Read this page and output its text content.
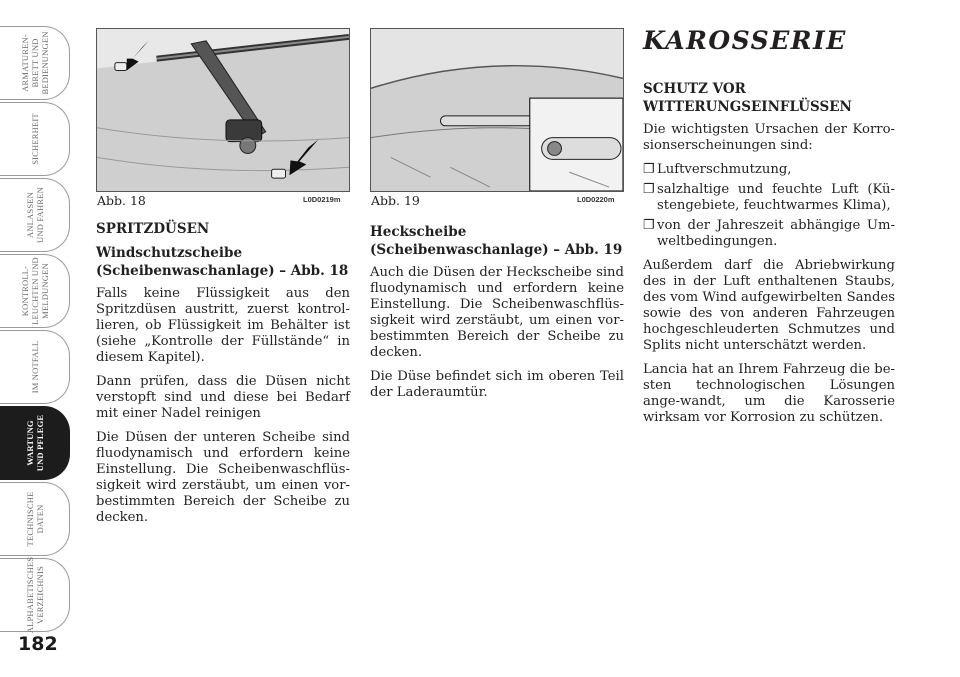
ARMATUREN-
BRETT UND
BEDIENUNGEN
SICHERHEIT
ANLASSEN
UND FAHREN
KONTROLL-
LEUCHTEN UND
MELDUNGEN
IM NOTFALL
WARTUNG
UND PFLEGE
TECHNISCHE
DATEN
ALPHABETISCHES
VERZEICHNIS
182
Abb. 18	L0D0219m Abb. 19	L0D0220m

SPRITZDÜSEN

Windschutzscheibe (Scheibenwaschanlage) – Abb. 18

Falls keine Flüssigkeit aus den Spritzdüsen austritt, zuerst kontrol-lieren, ob Flüssigkeit im Behälter ist (siehe „Kontrolle der Füllstände“ in diesem Kapitel).

Dann prüfen, dass die Düsen nicht verstopft sind und diese bei Bedarf mit einer Nadel reinigen

Die Düsen der unteren Scheibe sind fluodynamisch und erfordern keine Einstellung. Die Scheibenwaschflüs-sigkeit wird zerstäubt, um einen vor-bestimmten Bereich der Scheibe zu decken.

Heckscheibe (Scheibenwaschanlage) – Abb. 19

Auch die Düsen der Heckscheibe sind fluodynamisch und erfordern keine Einstellung. Die Scheibenwaschflüs-sigkeit wird zerstäubt, um einen vor-bestimmten Bereich der Scheibe zu decken.

Die Düse befindet sich im oberen Teil der Laderaumtür.

KAROSSERIE

SCHUTZ VOR WITTERUNGSEINFLÜSSEN

Die wichtigsten Ursachen der Korro-sionserscheinungen sind:

❐ Luftverschmutzung,
❐ salzhaltige und feuchte Luft (Kü-stengebiete, feuchtwarmes Klima),
❐ von der Jahreszeit abhängige Um-weltbedingungen.

Außerdem darf die Abriebwirkung des in der Luft enthaltenen Staubs, des vom Wind aufgewirbelten Sandes sowie des von anderen Fahrzeugen hochgeschleuderten Schmutzes und Splits nicht unterschätzt werden.

Lancia hat an Ihrem Fahrzeug die be-sten technologischen Lösungen ange-wandt, um die Karosserie wirksam vor Korrosion zu schützen.
